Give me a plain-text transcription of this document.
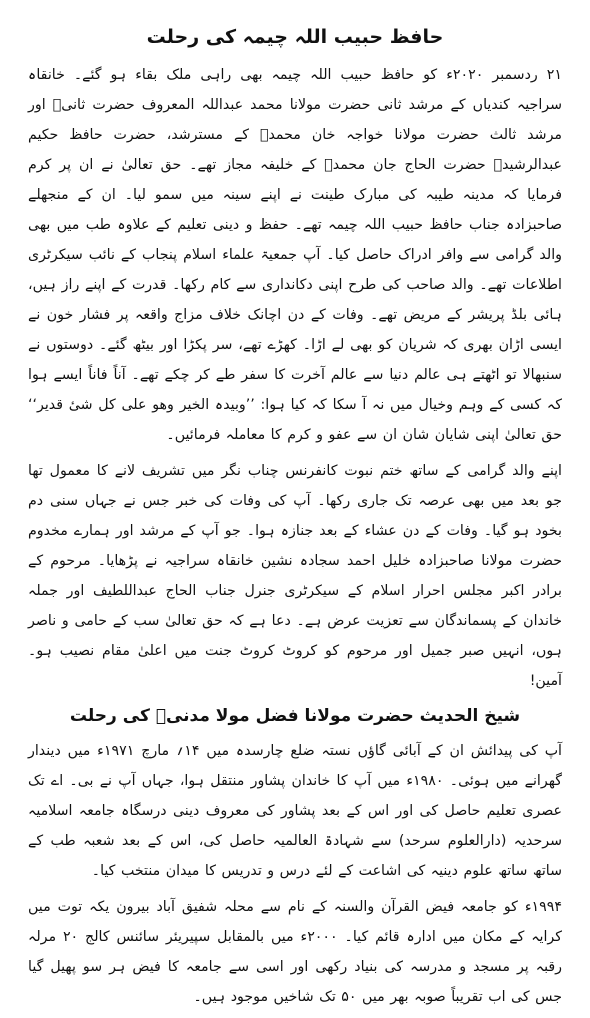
حافظ حبیب اللہ چیمہ کی رحلت

۲۱ ردسمبر ۲۰۲۰ء کو حافظ حبیب اللہ چیمہ بھی راہی ملک بقاء ہو گئے۔ خانقاہ سراجیہ کندیاں کے مرشد ثانی حضرت مولانا محمد عبداللہ المعروف حضرت ثانیؒ اور مرشد ثالث حضرت مولانا خواجہ خان محمدؒ کے مسترشد، حضرت حافظ حکیم عبدالرشیدؒ حضرت الحاج جان محمدؒ کے خلیفہ مجاز تھے۔ حق تعالیٰ نے ان پر کرم فرمایا کہ مدینہ طیبہ کی مبارک طینت نے اپنے سینہ میں سمو لیا۔ ان کے منجھلے صاحبزادہ جناب حافظ حبیب اللہ چیمہ تھے۔ حفظ و دینی تعلیم کے علاوہ طب میں بھی والد گرامی سے وافر ادراک حاصل کیا۔ آپ جمعیۃ علماء اسلام پنجاب کے نائب سیکرٹری اطلاعات تھے۔ والد صاحب کی طرح اپنی دکانداری سے کام رکھا۔ قدرت کے اپنے راز ہیں، ہائی بلڈ پریشر کے مریض تھے۔ وفات کے دن اچانک خلاف مزاج واقعہ پر فشار خون نے ایسی اڑان بھری کہ شریان کو بھی لے اڑا۔ کھڑے تھے، سر پکڑا اور بیٹھ گئے۔ دوستوں نے سنبھالا تو اٹھتے ہی عالم دنیا سے عالم آخرت کا سفر طے کر چکے تھے۔ آناً فاناً ایسے ہوا کہ کسی کے وہم وخیال میں نہ آ سکا کہ کیا ہوا: ’’وبیدہ الخیر وھو علی کل شیٔ قدیر‘‘ حق تعالیٰ اپنی شایان شان ان سے عفو و کرم کا معاملہ فرمائیں۔

اپنے والد گرامی کے ساتھ ختم نبوت کانفرنس چناب نگر میں تشریف لانے کا معمول تھا جو بعد میں بھی عرصہ تک جاری رکھا۔ آپ کی وفات کی خبر جس نے جہاں سنی دم بخود ہو گیا۔ وفات کے دن عشاء کے بعد جنازہ ہوا۔ جو آپ کے مرشد اور ہمارے مخدوم حضرت مولانا صاحبزادہ خلیل احمد سجادہ نشین خانقاہ سراجیہ نے پڑھایا۔ مرحوم کے برادر اکبر مجلس احرار اسلام کے سیکرٹری جنرل جناب الحاج عبداللطیف اور جملہ خاندان کے پسماندگان سے تعزیت عرض ہے۔ دعا ہے کہ حق تعالیٰ سب کے حامی و ناصر ہوں، انہیں صبر جمیل اور مرحوم کو کروٹ کروٹ جنت میں اعلیٰ مقام نصیب ہو۔ آمین!

شیخ الحدیث حضرت مولانا فضل مولا مدنیؒ کی رحلت

آپ کی پیدائش ان کے آبائی گاؤں نستہ ضلع چارسدہ میں ۱۴؍ مارچ ۱۹۷۱ء میں دیندار گھرانے میں ہوئی۔ ۱۹۸۰ء میں آپ کا خاندان پشاور منتقل ہوا، جہاں آپ نے بی۔ اے تک عصری تعلیم حاصل کی اور اس کے بعد پشاور کی معروف دینی درسگاہ جامعہ اسلامیہ سرحدیہ (دارالعلوم سرحد) سے شہادۃ العالمیہ حاصل کی، اس کے بعد شعبہ طب کے ساتھ ساتھ علوم دینیہ کی اشاعت کے لئے درس و تدریس کا میدان منتخب کیا۔

۱۹۹۴ء کو جامعہ فیض القرآن والسنہ کے نام سے محلہ شفیق آباد بیرون یکہ توت میں کرایہ کے مکان میں ادارہ قائم کیا۔ ۲۰۰۰ء میں بالمقابل سپیریئر سائنس کالج ۲۰ مرلہ رقبہ پر مسجد و مدرسہ کی بنیاد رکھی اور اسی سے جامعہ کا فیض ہر سو پھیل گیا جس کی اب تقریباً صوبہ بھر میں ۵۰ تک شاخیں موجود ہیں۔
